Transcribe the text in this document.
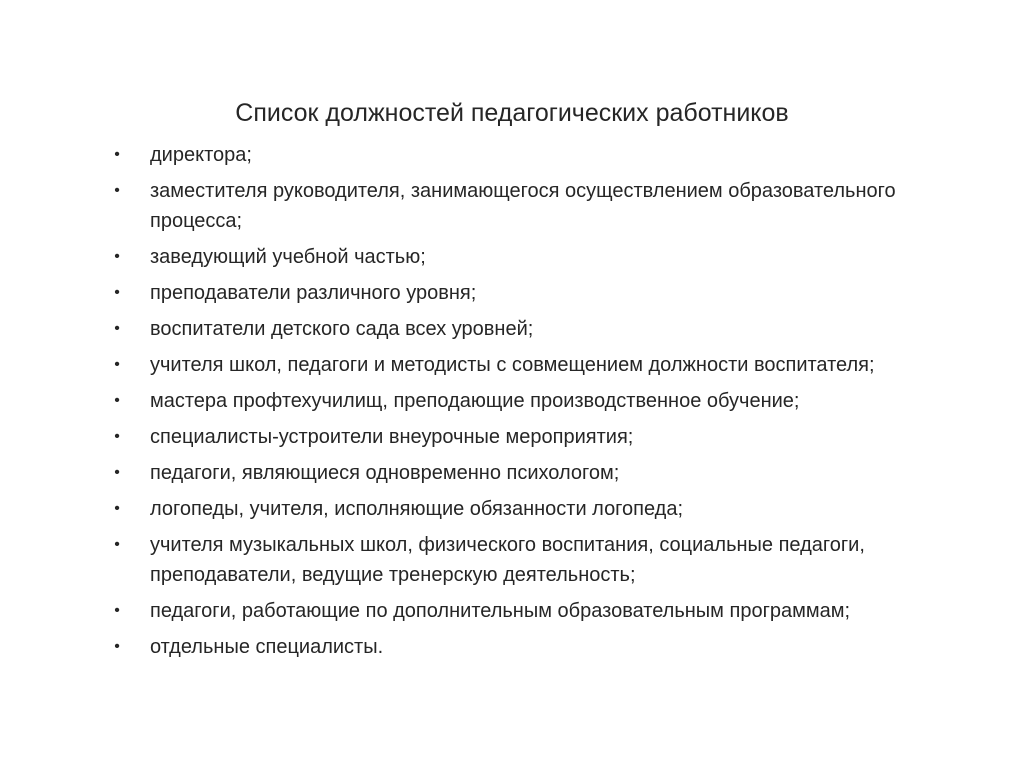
Список должностей педагогических работников
• директора;
• заместителя руководителя, занимающегося осуществлением образовательного процесса;
• заведующий учебной частью;
• преподаватели различного уровня;
• воспитатели детского сада всех уровней;
• учителя школ, педагоги и методисты с совмещением должности воспитателя;
• мастера профтехучилищ, преподающие производственное обучение;
• специалисты-устроители внеурочные мероприятия;
• педагоги, являющиеся одновременно психологом;
• логопеды, учителя, исполняющие обязанности логопеда;
• учителя музыкальных школ, физического воспитания, социальные педагоги, преподаватели, ведущие тренерскую деятельность;
• педагоги, работающие по дополнительным образовательным программам;
• отдельные специалисты.
